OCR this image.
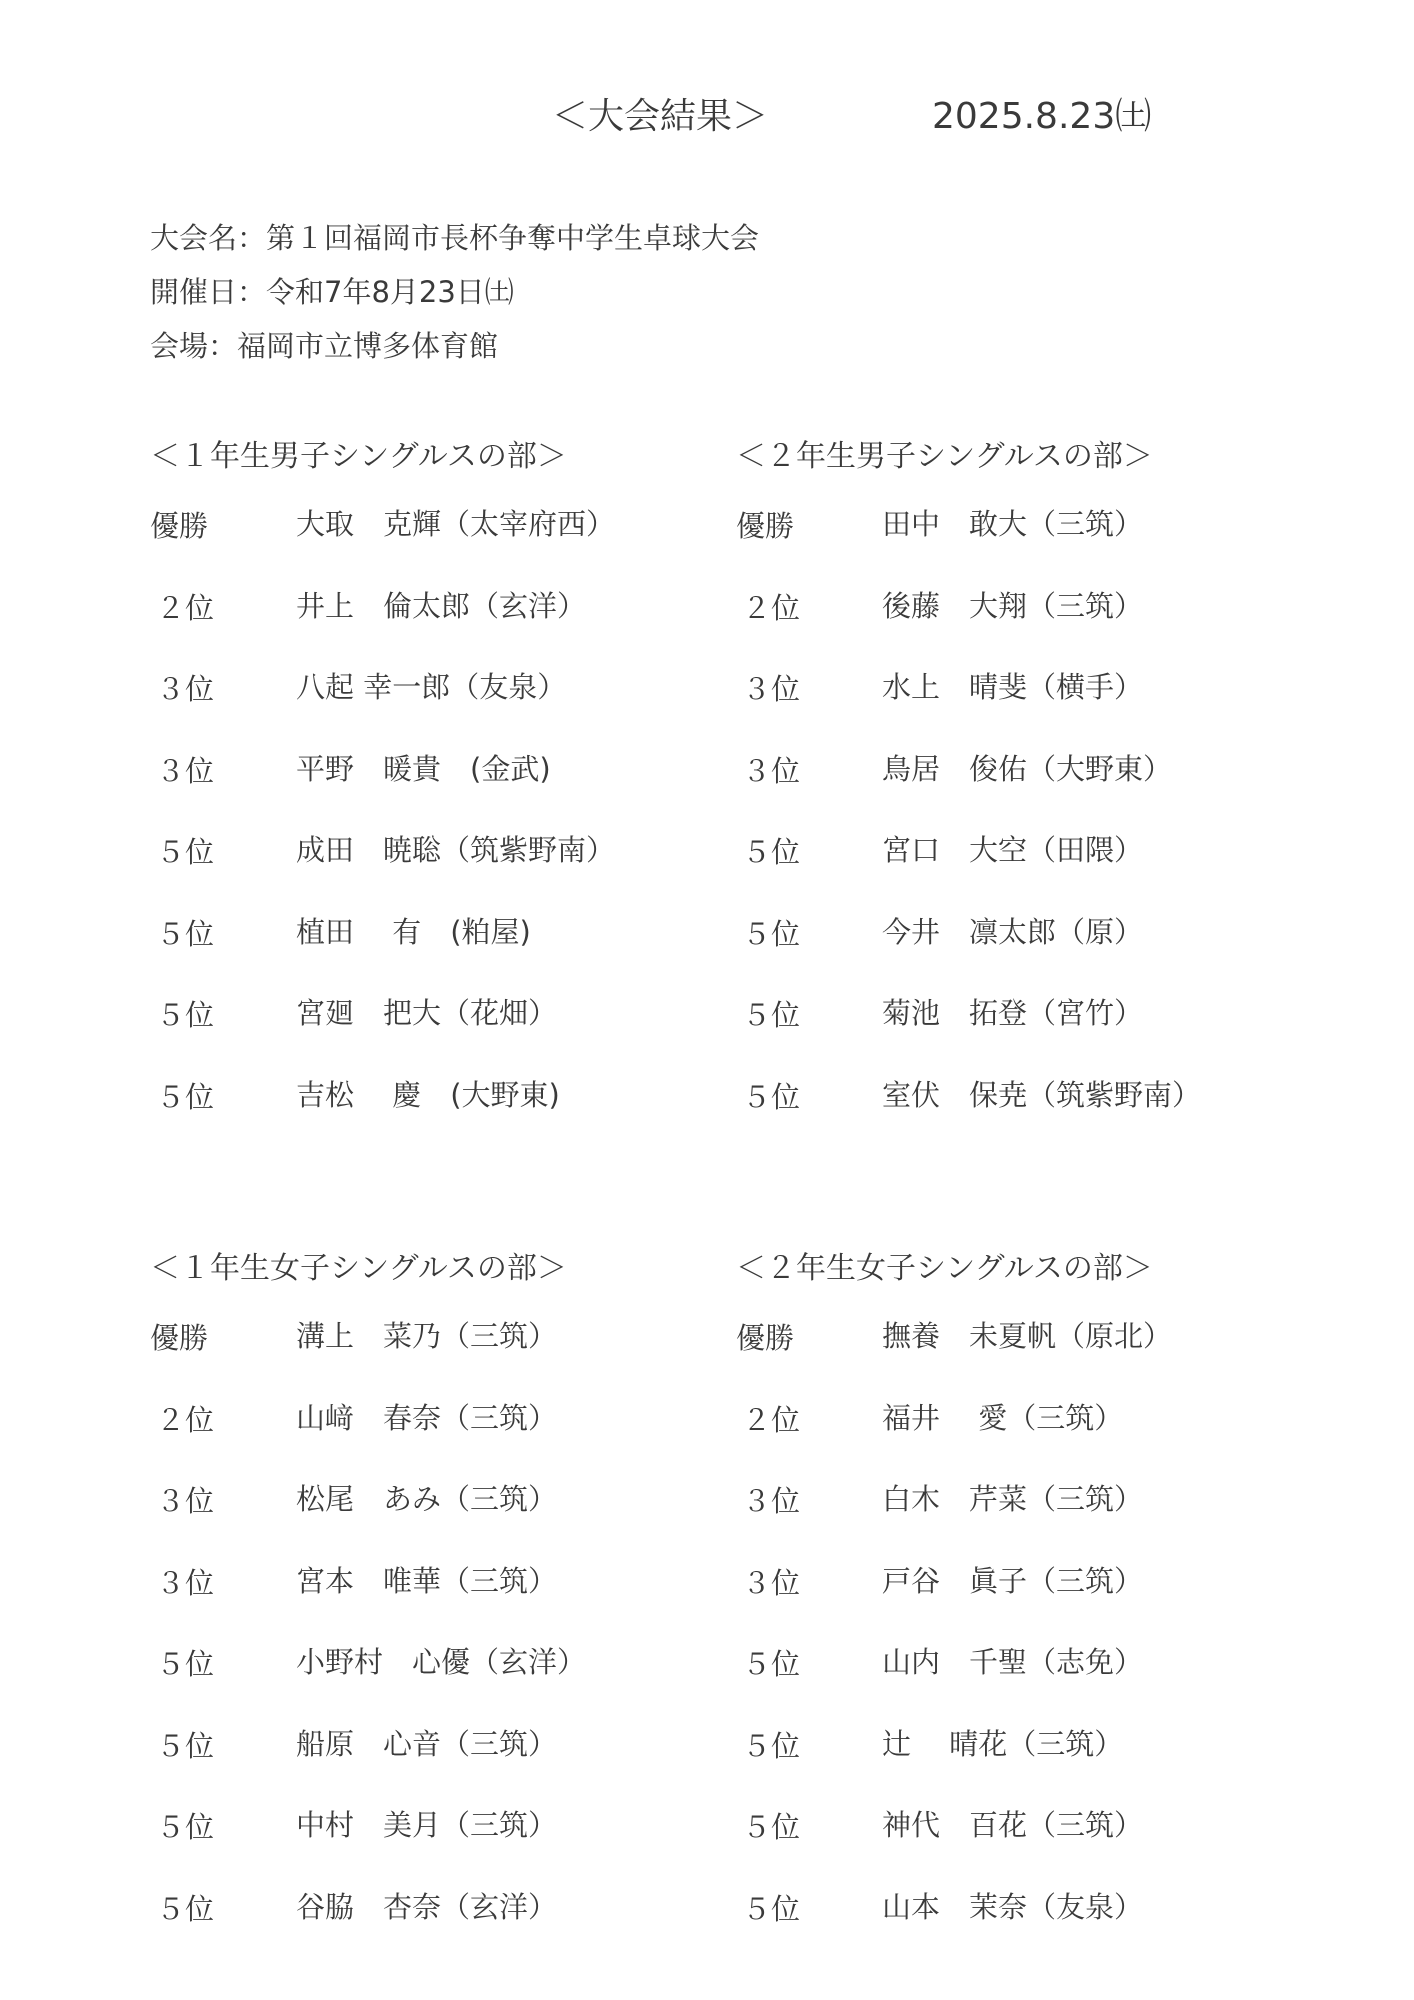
＜大会結果＞	2025.8.23㈯
大会名：第１回福岡市長杯争奪中学生卓球大会
開催日：令和7年8月23日㈯
会場：福岡市立博多体育館
＜１年生男子シングルスの部＞
優勝	大取　克輝（太宰府西）
２位	井上　倫太郎（玄洋）
３位	八起 幸一郎（友泉）
３位	平野　暖貴　(金武)
５位	成田　暁聡（筑紫野南）
５位	植田　 有　(粕屋)
５位	宮廻　把大（花畑）
５位	吉松　 慶　(大野東)
＜２年生男子シングルスの部＞
優勝	田中　敢大（三筑）
２位	後藤　大翔（三筑）
３位	水上　晴斐（横手）
３位	鳥居　俊佑（大野東）
５位	宮口　大空（田隈）
５位	今井　凛太郎（原）
５位	菊池　拓登（宮竹）
５位	室伏　保尭（筑紫野南）
＜１年生女子シングルスの部＞
優勝	溝上　菜乃（三筑）
２位	山﨑　春奈（三筑）
３位	松尾　あみ（三筑）
３位	宮本　唯華（三筑）
５位	小野村　心優（玄洋）
５位	船原　心音（三筑）
５位	中村　美月（三筑）
５位	谷脇　杏奈（玄洋）
＜２年生女子シングルスの部＞
優勝	撫養　未夏帆（原北）
２位	福井　 愛（三筑）
３位	白木　芹菜（三筑）
３位	戸谷　眞子（三筑）
５位	山内　千聖（志免）
５位	辻　 晴花（三筑）
５位	神代　百花（三筑）
５位	山本　茉奈（友泉）
